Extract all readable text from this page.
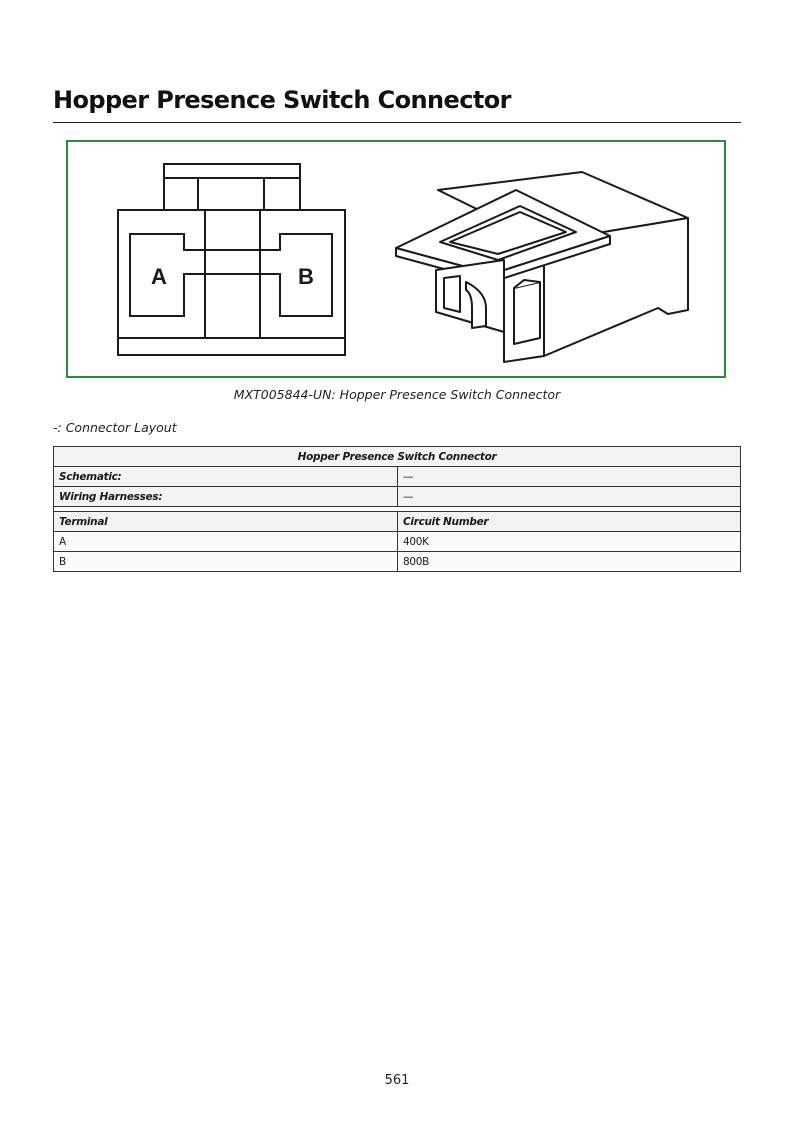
Hopper Presence Switch Connector
A	B
MXT005844-UN: Hopper Presence Switch Connector
-: Connector Layout
Hopper Presence Switch Connector	
Schematic:	—
Wiring Harnesses:	—

Terminal	Circuit Number
A	400K
B	800B
561
